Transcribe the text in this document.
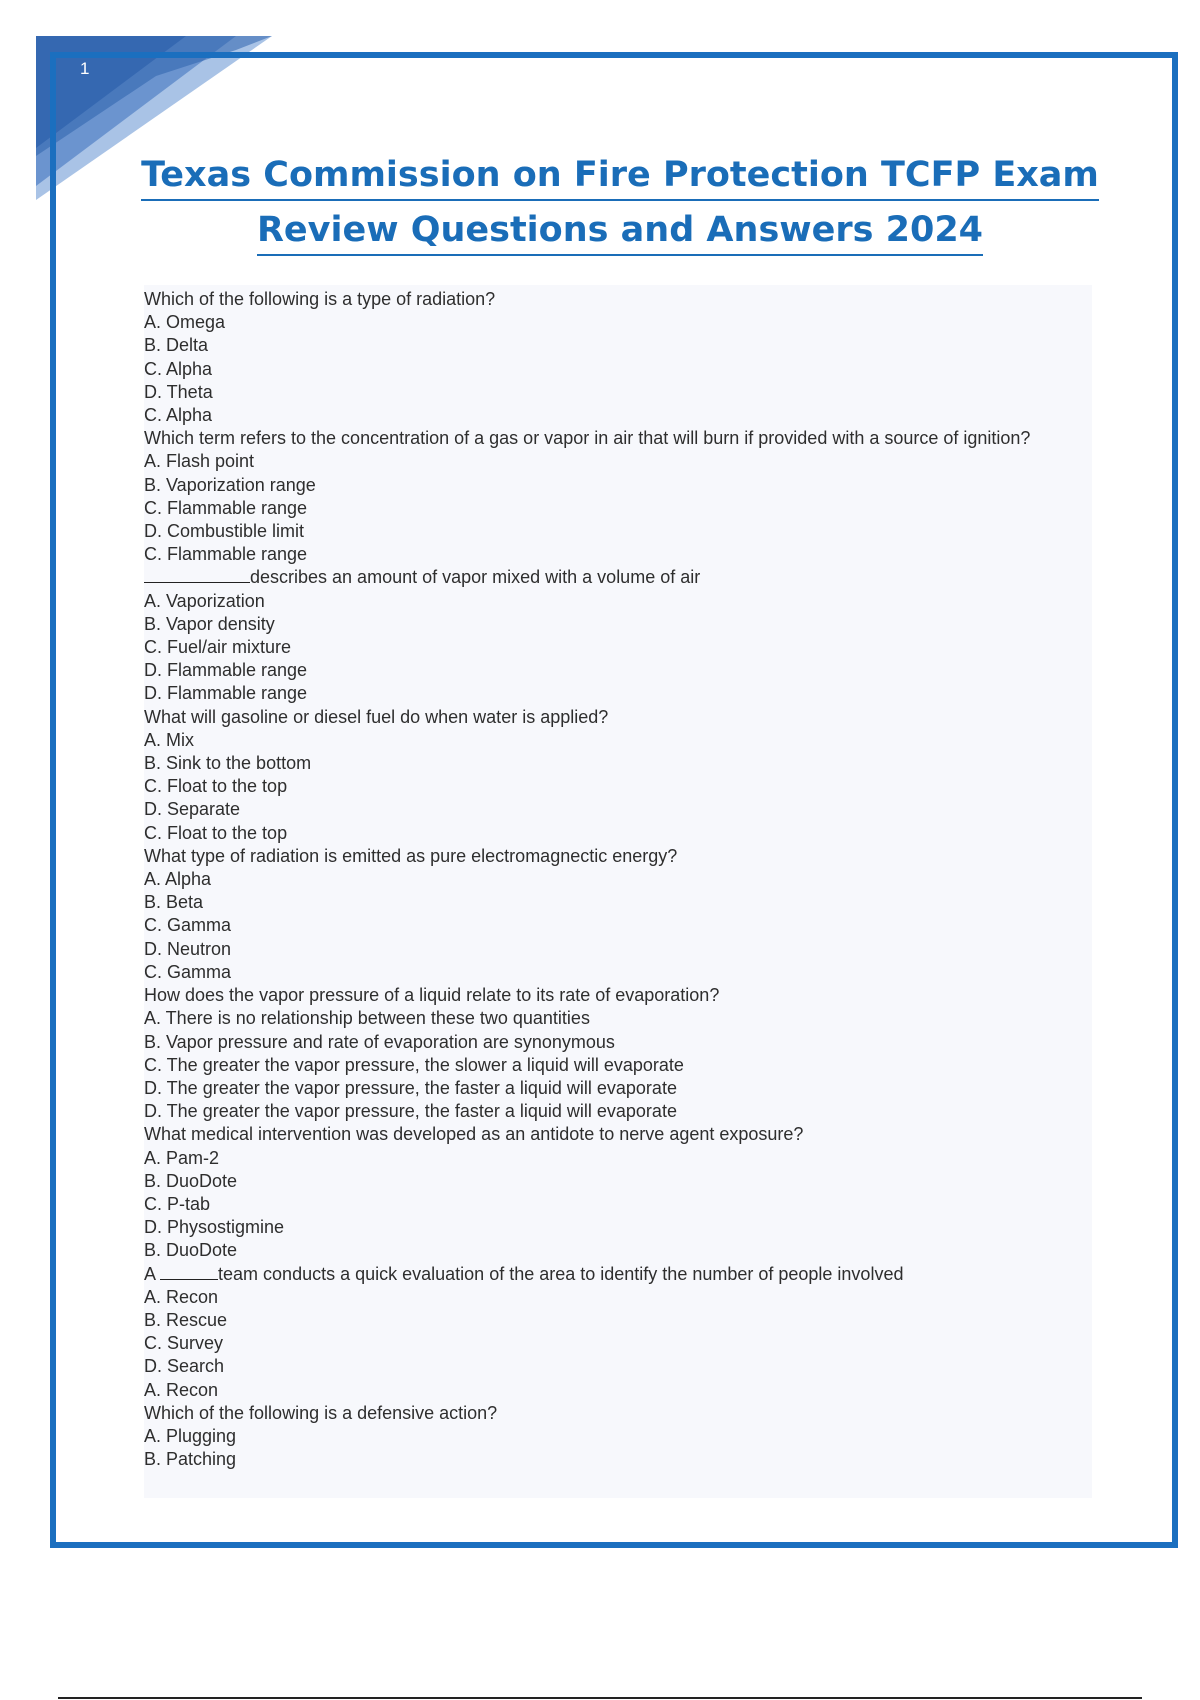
1
Texas Commission on Fire Protection TCFP Exam
Review Questions and Answers 2024
Which of the following is a type of radiation?
A. Omega
B. Delta
C. Alpha
D. Theta
C. Alpha
Which term refers to the concentration of a gas or vapor in air that will burn if provided with a source of ignition?
A. Flash point
B. Vaporization range
C. Flammable range
D. Combustible limit
C. Flammable range
describes an amount of vapor mixed with a volume of air
A. Vaporization
B. Vapor density
C. Fuel/air mixture
D. Flammable range
D. Flammable range
What will gasoline or diesel fuel do when water is applied?
A. Mix
B. Sink to the bottom
C. Float to the top
D. Separate
C. Float to the top
What type of radiation is emitted as pure electromagnectic energy?
A. Alpha
B. Beta
C. Gamma
D. Neutron
C. Gamma
How does the vapor pressure of a liquid relate to its rate of evaporation?
A. There is no relationship between these two quantities
B. Vapor pressure and rate of evaporation are synonymous
C. The greater the vapor pressure, the slower a liquid will evaporate
D. The greater the vapor pressure, the faster a liquid will evaporate
D. The greater the vapor pressure, the faster a liquid will evaporate
What medical intervention was developed as an antidote to nerve agent exposure?
A. Pam-2
B. DuoDote
C. P-tab
D. Physostigmine
B. DuoDote
A	team conducts a quick evaluation of the area to identify the number of people involved
A. Recon
B. Rescue
C. Survey
D. Search
A. Recon
Which of the following is a defensive action?
A. Plugging
B. Patching
